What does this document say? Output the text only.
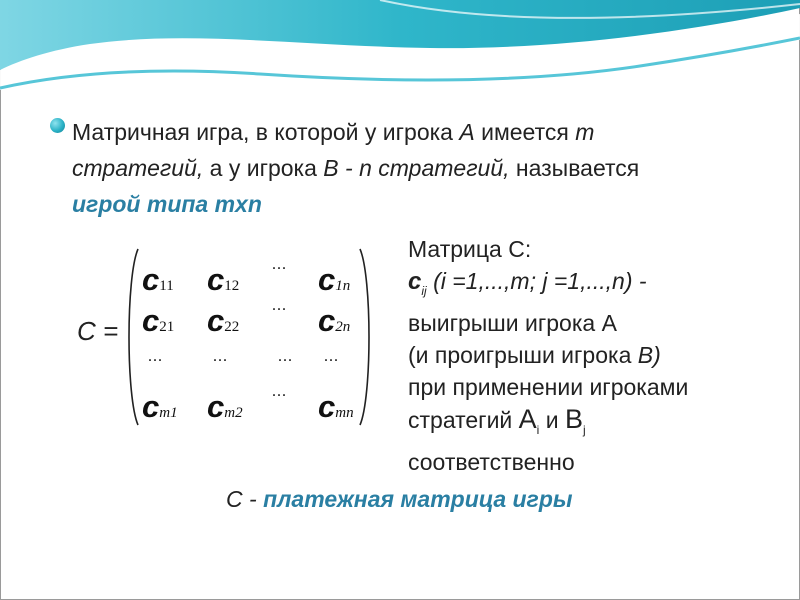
Матричная игра, в которой у игрока А имеется m

стратегий, а у игрока В - n стратегий, называется

игрой типа mxn

С =
c11 c12	c1n
...
c21 c22	c2n
...
...	...	... ...
cm1 cm2 cmn
...
Матрица С:
$c_{ij}$ (i =1,...,m; j =1,...,n) -
выигрыши игрока А
(и проигрыши игрока В)
при применении игроками
стратегий $А_i$ и $В_j$
соответственно
С - платежная матрица игры
